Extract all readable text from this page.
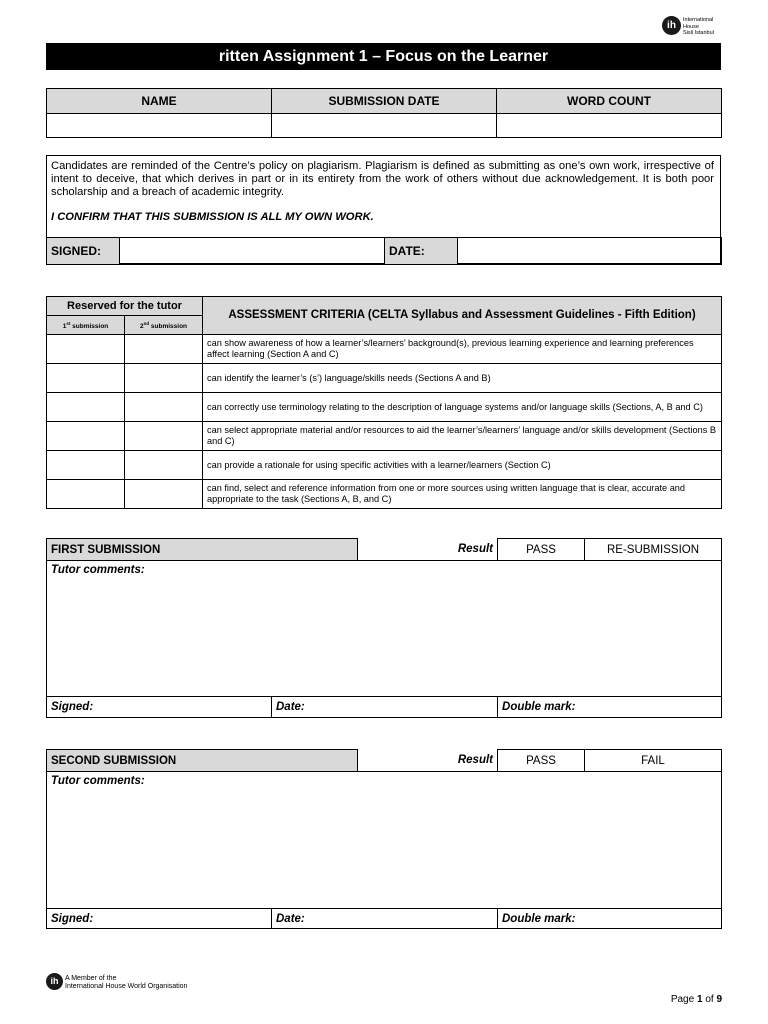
ih International
House
Sisli Istanbul
ritten Assignment 1 – Focus on the Learner
NAME	SUBMISSION DATE	WORD COUNT

Candidates are reminded of the Centre’s policy on plagiarism. Plagiarism is defined as submitting as one’s own work, irrespective of intent to deceive, that which derives in part or in its entirety from the work of others without due acknowledgement. It is both poor scholarship and a breach of academic integrity.
I CONFIRM THAT THIS SUBMISSION IS ALL MY OWN WORK.
SIGNED:		DATE:	
Reserved for the tutor		ASSESSMENT CRITERIA (CELTA Syllabus and Assessment Guidelines - Fifth Edition)
1st submission	2nd submission	
		can show awareness of how a learner’s/learners’ background(s), previous learning experience and learning preferences affect learning (Section A and C)
		can identify the learner’s (s’) language/skills needs (Sections A and B)
		can correctly use terminology relating to the description of language systems and/or language skills (Sections, A, B and C)
		can select appropriate material and/or resources to aid the learner’s/learners’ language and/or skills development (Sections B and C)
		can provide a rationale for using specific activities with a learner/learners (Section C)
		can find, select and reference information from one or more sources using written language that is clear, accurate and appropriate to the task (Sections A, B, and C)
FIRST SUBMISSION		Result	PASS	RE-SUBMISSION
Tutor comments:				
Signed:	Date:		Double mark:	
SECOND SUBMISSION		Result	PASS	FAIL
Tutor comments:				
Signed:	Date:		Double mark:	
ih A Member of the
International House World Organisation
Page 1 of 9
